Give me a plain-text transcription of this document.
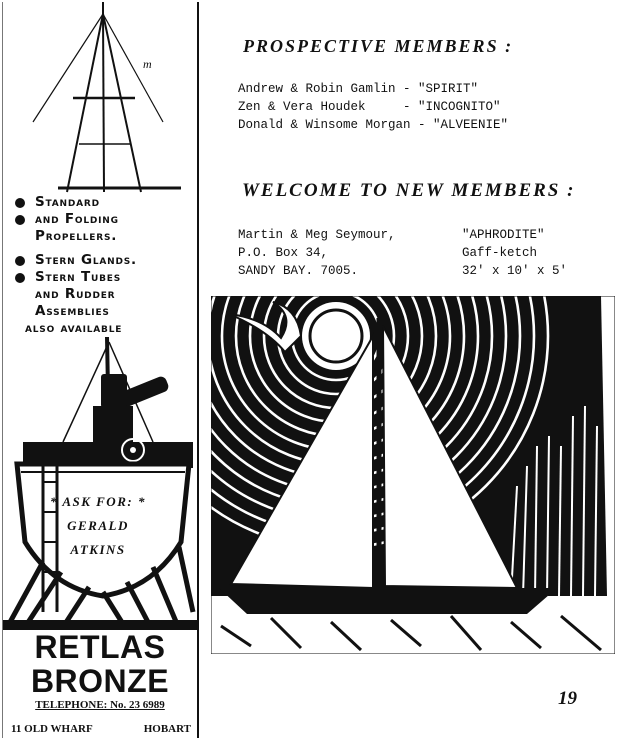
m
Standard
and Folding
Propellers.
Stern Glands.
Stern Tubes
and Rudder
Assemblies
also available
* ASK FOR: *
GERALD
ATKINS
RETLAS
BRONZE
TELEPHONE: No. 23 6989
11 OLD WHARF	HOBART
PROSPECTIVE MEMBERS :
Andrew & Robin Gamlin - "SPIRIT"
Zen & Vera Houdek     - "INCOGNITO"
Donald & Winsome Morgan - "ALVEENIE"
WELCOME TO NEW MEMBERS :
Martin & Meg Seymour,
P.O. Box 34,
SANDY BAY. 7005.
"APHRODITE"
Gaff-ketch
32' x 10' x 5'
19
